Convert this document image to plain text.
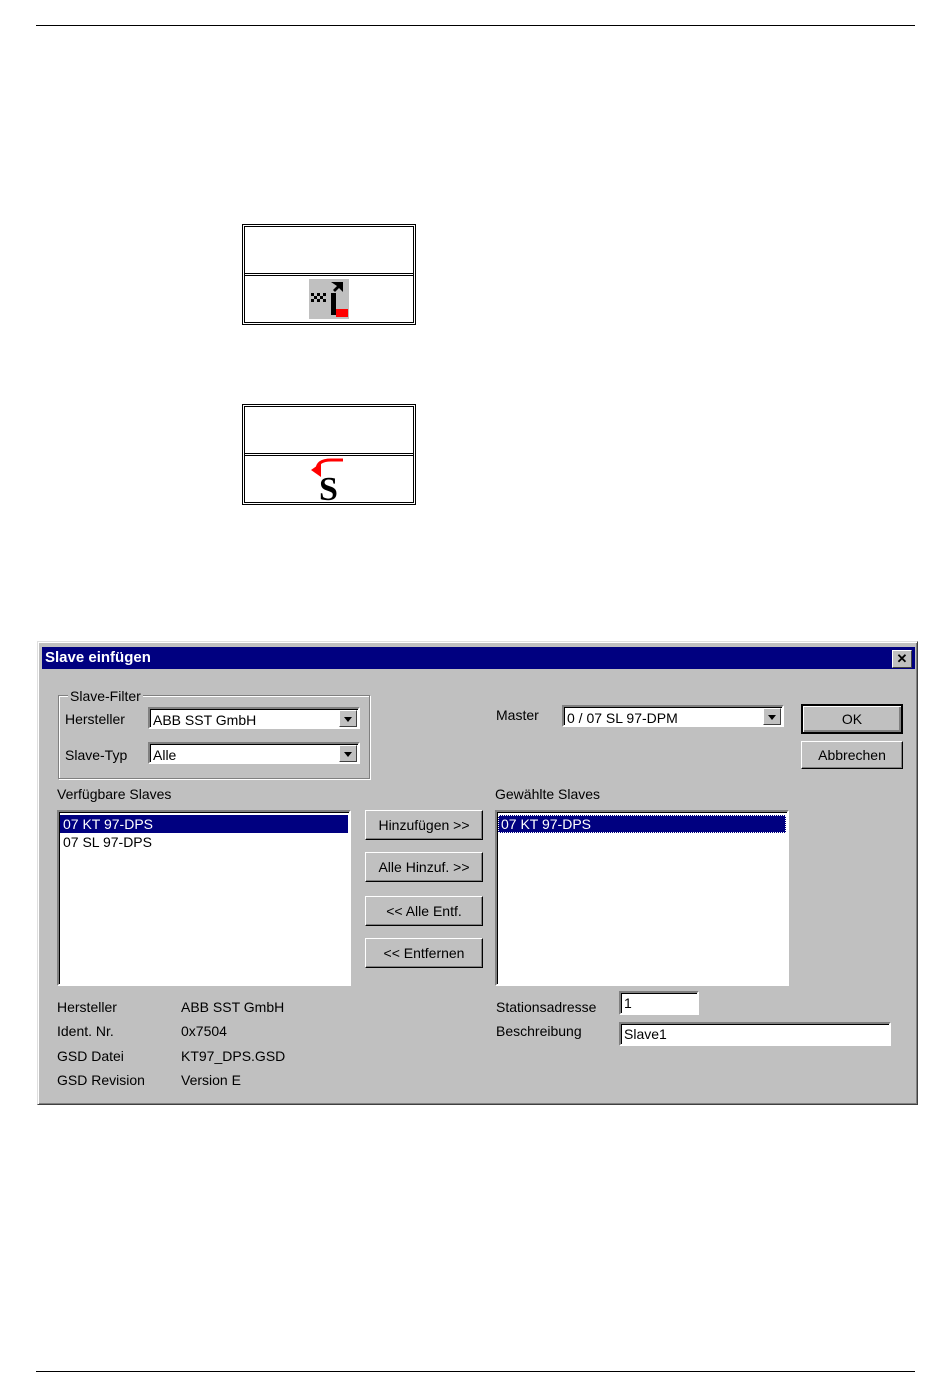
S
Slave einfügen	✕
Slave-Filter
Hersteller ABB SST GmbH
Slave-Typ Alle
Master 0 / 07 SL 97-DPM	OK
Abbrechen
Verfügbare Slaves
07 KT 97-DPS
07 SL 97-DPS
Hinzufügen >>
Alle Hinzuf. >>
<< Alle Entf.
<< Entfernen
Gewählte Slaves
07 KT 97-DPS
Hersteller	ABB SST GmbH
Ident. Nr.	0x7504
GSD Datei	KT97_DPS.GSD
GSD Revision	Version E
Stationsadresse	1
Beschreibung	Slave1
